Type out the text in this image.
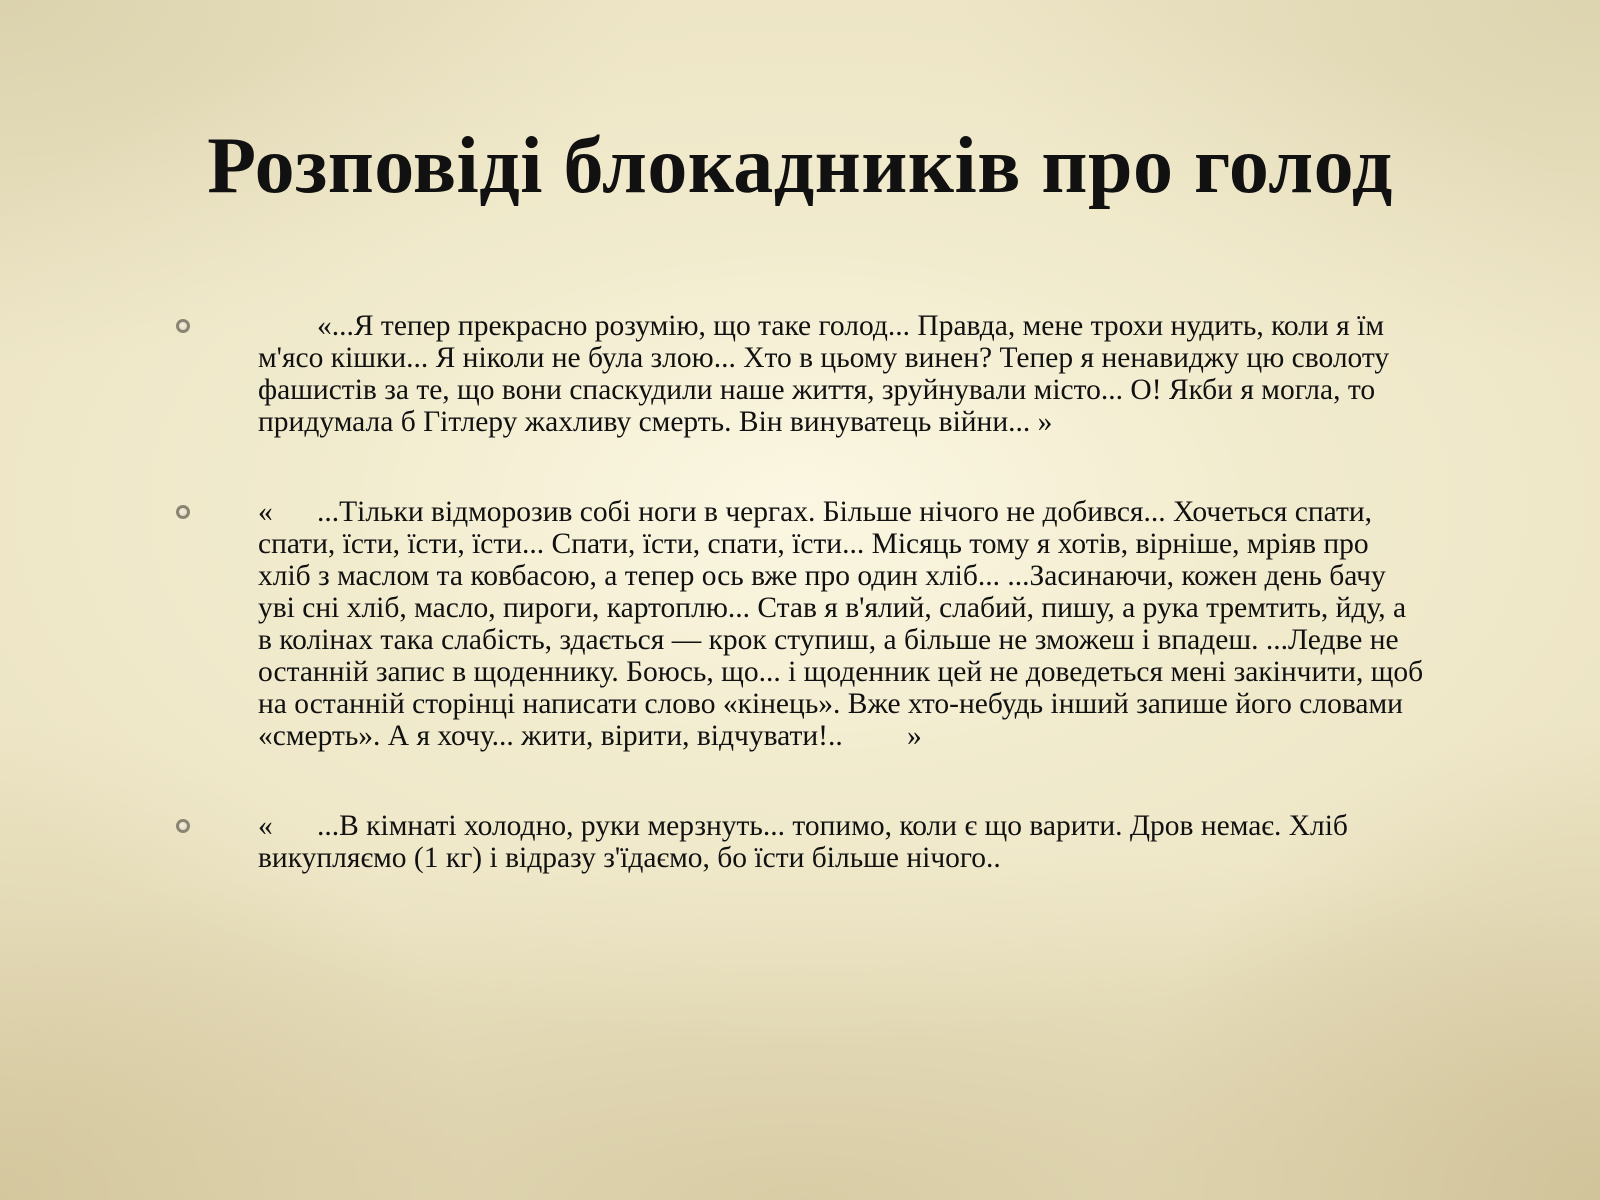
Розповіді блокадників про голод
	«...Я тепер прекрасно розумію, що таке голод... Правда, мене трохи нудить, коли я їм м'ясо кішки... Я ніколи не була злою... Хто в цьому винен? Тепер я ненавиджу цю сволоту фашистів за те, що вони спаскудили наше життя, зруйнували місто... О! Якби я могла, то придумала б Гітлеру жахливу смерть. Він винуватець війни... »
«	...Тільки відморозив собі ноги в чергах. Більше нічого не добився... Хочеться спати, спати, їсти, їсти, їсти... Спати, їсти, спати, їсти... Місяць тому я хотів, вірніше, мріяв про хліб з маслом та ковбасою, а тепер ось вже про один хліб... ...Засинаючи, кожен день бачу уві сні хліб, масло, пироги, картоплю... Став я в'ялий, слабий, пишу, а рука тремтить, йду, а в колінах така слабість, здається — крок ступиш, а більше не зможеш і впадеш. ...Ледве не останній запис в щоденнику. Боюсь, що... і щоденник цей не доведеться мені закінчити, щоб на останній сторінці написати слово «кінець». Вже хто-небудь інший запише його словами «смерть». А я хочу... жити, вірити, відчувати!..		»
«	...В кімнаті холодно, руки мерзнуть... топимо, коли є що варити. Дров немає. Хліб викупляємо (1 кг) і відразу з'їдаємо, бо їсти більше нічого..
